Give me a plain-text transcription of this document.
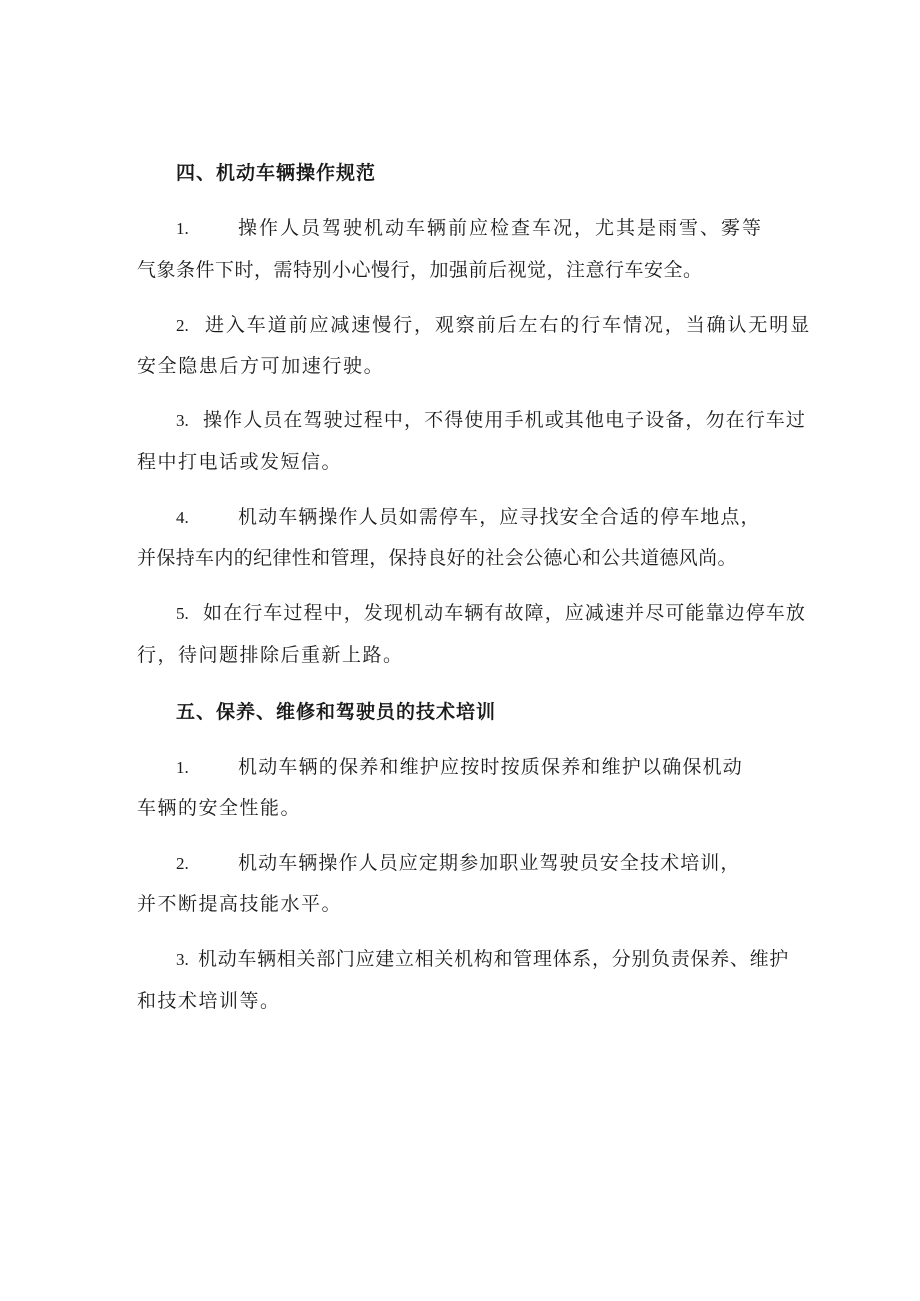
四、机动车辆操作规范
1.	操作人员驾驶机动车辆前应检查车况，尤其是雨雪、雾等
气象条件下时，需特别小心慢行，加强前后视觉，注意行车安全。
2. 进入车道前应减速慢行，观察前后左右的行车情况，当确认无明显
安全隐患后方可加速行驶。
3. 操作人员在驾驶过程中，不得使用手机或其他电子设备，勿在行车过
程中打电话或发短信。
4.	机动车辆操作人员如需停车，应寻找安全合适的停车地点，
并保持车内的纪律性和管理，保持良好的社会公德心和公共道德风尚。
5. 如在行车过程中，发现机动车辆有故障，应减速并尽可能靠边停车放
行，待问题排除后重新上路。
五、保养、维修和驾驶员的技术培训
1.	机动车辆的保养和维护应按时按质保养和维护以确保机动
车辆的安全性能。
2.	机动车辆操作人员应定期参加职业驾驶员安全技术培训，
并不断提高技能水平。
3. 机动车辆相关部门应建立相关机构和管理体系，分别负责保养、维护
和技术培训等。
